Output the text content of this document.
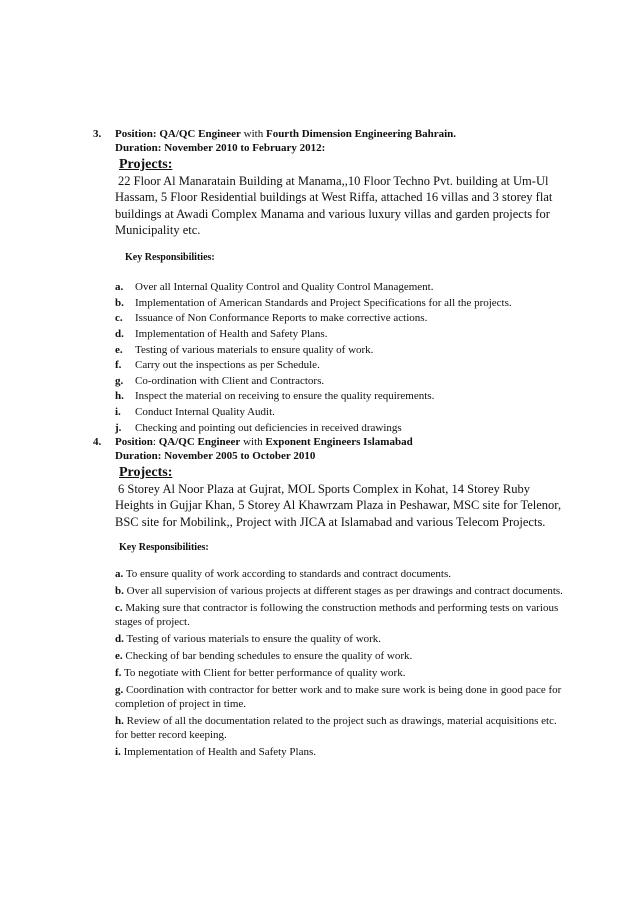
3. Position: QA/QC Engineer with Fourth Dimension Engineering Bahrain.
Duration: November 2010 to February 2012:
Projects:
22 Floor Al Manaratain Building at Manama,,10 Floor Techno Pvt. building at Um-Ul Hassam, 5 Floor Residential buildings at West Riffa, attached 16 villas and 3 storey flat buildings at Awadi Complex Manama and various luxury villas and garden projects for Municipality etc.
Key Responsibilities:
a. Over all Internal Quality Control and Quality Control Management.
b. Implementation of American Standards and Project Specifications for all the projects.
c. Issuance of Non Conformance Reports to make corrective actions.
d. Implementation of Health and Safety Plans.
e. Testing of various materials to ensure quality of work.
f. Carry out the inspections as per Schedule.
g. Co-ordination with Client and Contractors.
h. Inspect the material on receiving to ensure the quality requirements.
i. Conduct Internal Quality Audit.
j. Checking and pointing out deficiencies in received drawings
4. Position: QA/QC Engineer with Exponent Engineers Islamabad
Duration: November 2005 to October 2010
Projects:
6 Storey Al Noor Plaza at Gujrat, MOL Sports Complex in Kohat, 14 Storey Ruby Heights in Gujjar Khan, 5 Storey Al Khawrzam Plaza in Peshawar, MSC site for Telenor, BSC site for Mobilink,, Project with JICA at Islamabad and various Telecom Projects.
Key Responsibilities:
a. To ensure quality of work according to standards and contract documents.
b. Over all supervision of various projects at different stages as per drawings and contract documents.
c. Making sure that contractor is following the construction methods and performing tests on various stages of project.
d. Testing of various materials to ensure the quality of work.
e. Checking of bar bending schedules to ensure the quality of work.
f. To negotiate with Client for better performance of quality work.
g. Coordination with contractor for better work and to make sure work is being done in good pace for completion of project in time.
h. Review of all the documentation related to the project such as drawings, material acquisitions etc. for better record keeping.
i. Implementation of Health and Safety Plans.
